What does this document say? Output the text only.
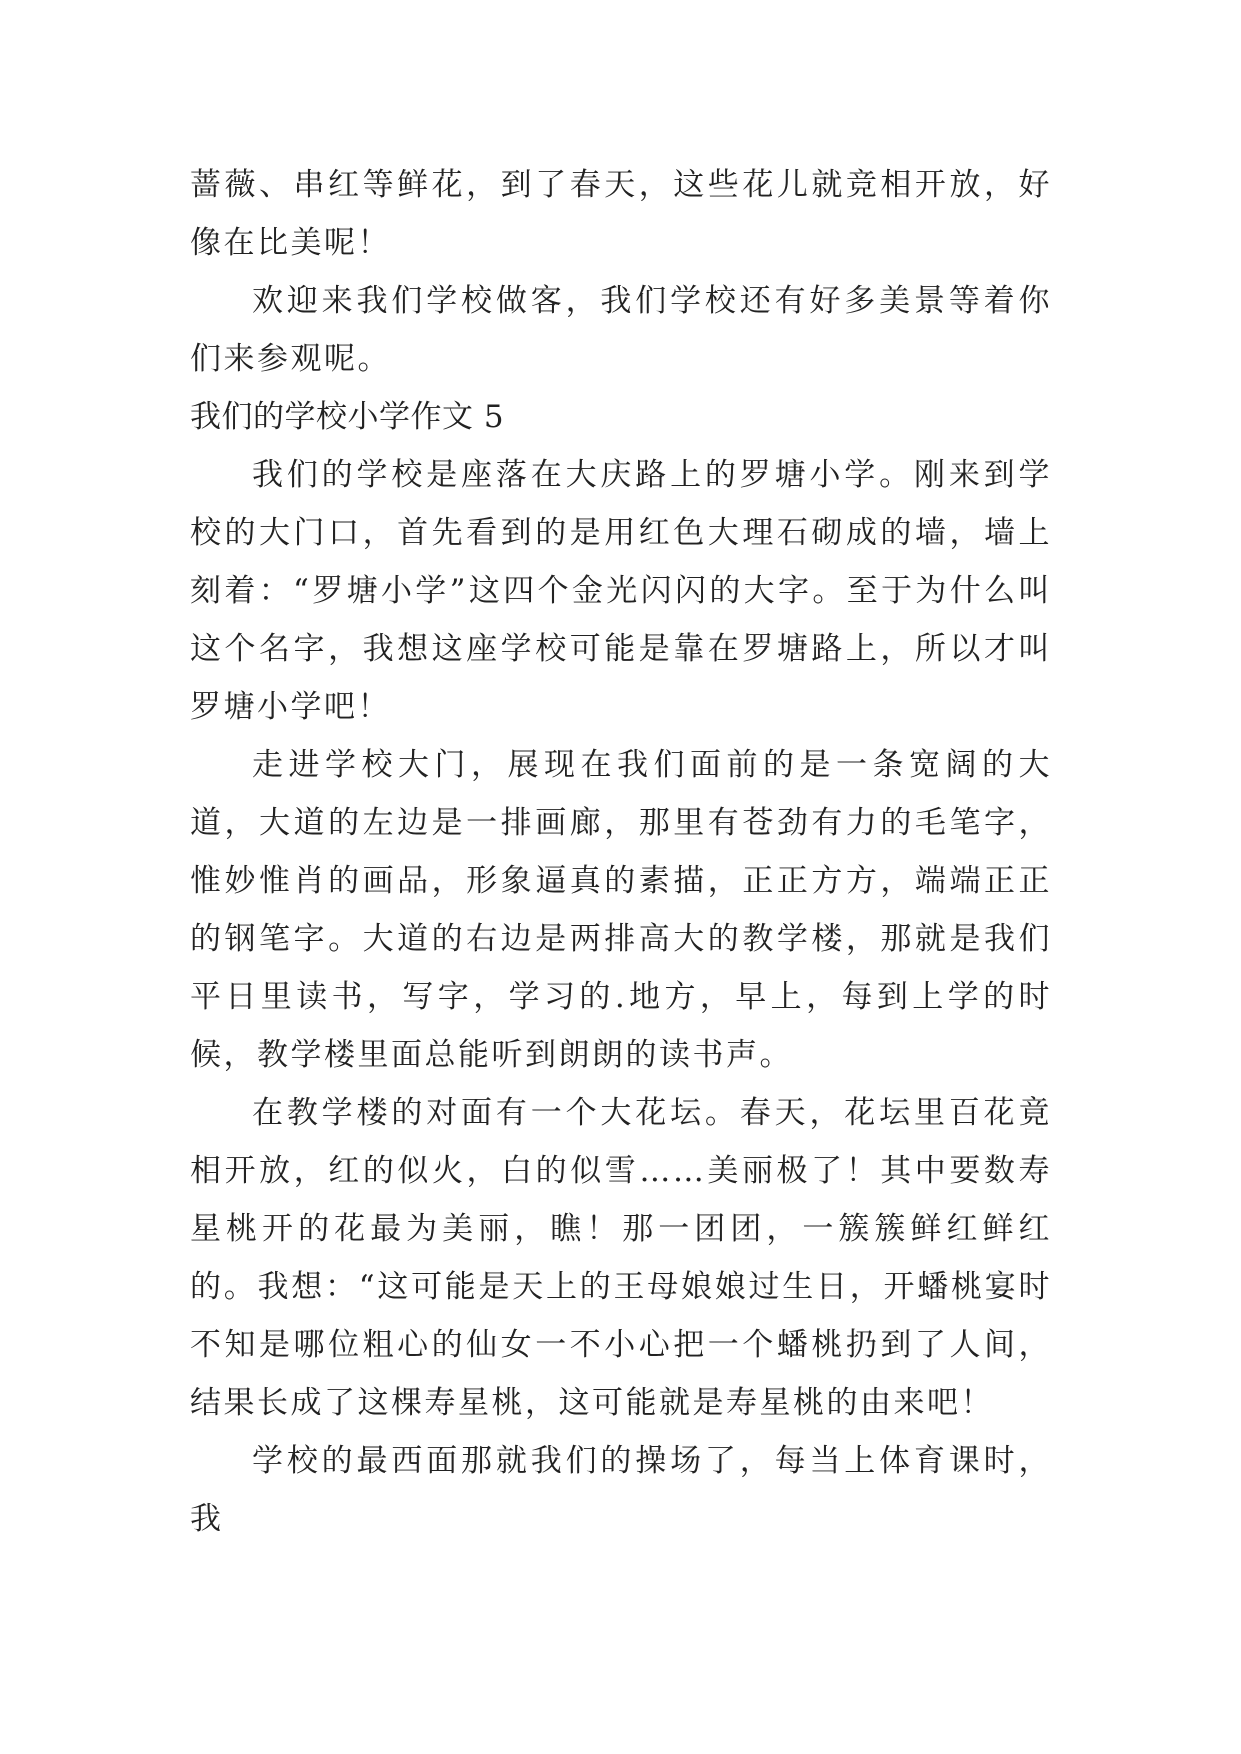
蔷薇、串红等鲜花，到了春天，这些花儿就竞相开放，好像在比美呢！

欢迎来我们学校做客，我们学校还有好多美景等着你们来参观呢。

我们的学校小学作文 5

我们的学校是座落在大庆路上的罗塘小学。刚来到学校的大门口，首先看到的是用红色大理石砌成的墙，墙上刻着：“罗塘小学”这四个金光闪闪的大字。至于为什么叫这个名字，我想这座学校可能是靠在罗塘路上，所以才叫罗塘小学吧！

走进学校大门，展现在我们面前的是一条宽阔的大道，大道的左边是一排画廊，那里有苍劲有力的毛笔字，惟妙惟肖的画品，形象逼真的素描，正正方方，端端正正的钢笔字。大道的右边是两排高大的教学楼，那就是我们平日里读书，写字，学习的.地方，早上，每到上学的时候，教学楼里面总能听到朗朗的读书声。

在教学楼的对面有一个大花坛。春天，花坛里百花竟相开放，红的似火，白的似雪……美丽极了！其中要数寿星桃开的花最为美丽，瞧！那一团团，一簇簇鲜红鲜红的。我想：“这可能是天上的王母娘娘过生日，开蟠桃宴时不知是哪位粗心的仙女一不小心把一个蟠桃扔到了人间，结果长成了这棵寿星桃，这可能就是寿星桃的由来吧！

学校的最西面那就我们的操场了，每当上体育课时，我
